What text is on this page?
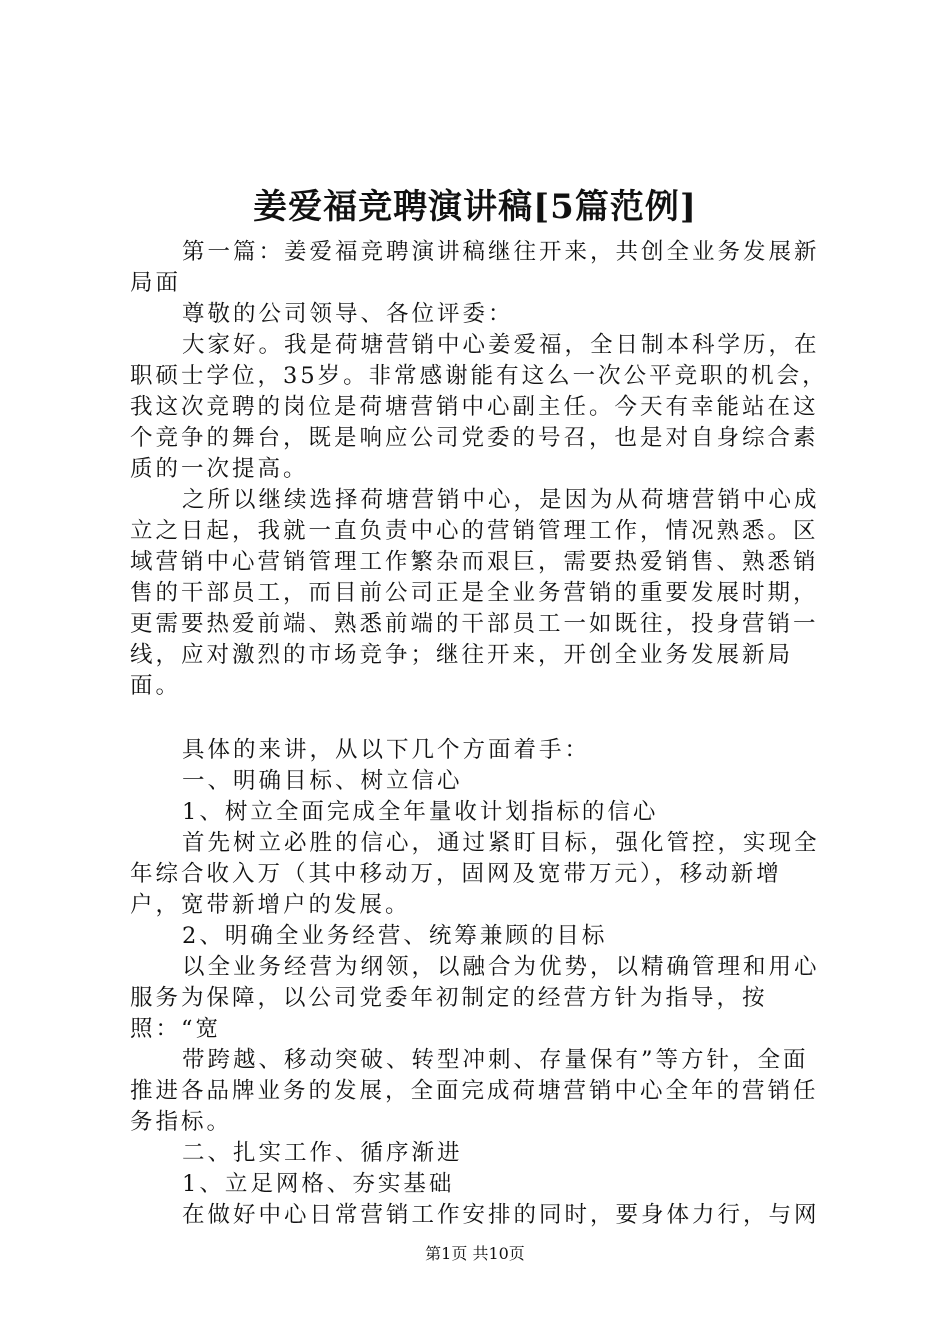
姜爱福竞聘演讲稿[5篇范例]

第一篇：姜爱福竞聘演讲稿继往开来，共创全业务发展新局面

尊敬的公司领导、各位评委：

大家好。我是荷塘营销中心姜爱福，全日制本科学历，在职硕士学位，35岁。非常感谢能有这么一次公平竞职的机会，我这次竞聘的岗位是荷塘营销中心副主任。今天有幸能站在这个竞争的舞台，既是响应公司党委的号召，也是对自身综合素质的一次提高。

之所以继续选择荷塘营销中心，是因为从荷塘营销中心成立之日起，我就一直负责中心的营销管理工作，情况熟悉。区域营销中心营销管理工作繁杂而艰巨，需要热爱销售、熟悉销售的干部员工，而目前公司正是全业务营销的重要发展时期，更需要热爱前端、熟悉前端的干部员工一如既往，投身营销一线，应对激烈的市场竞争；继往开来，开创全业务发展新局面。

具体的来讲，从以下几个方面着手：

一、明确目标、树立信心

1、树立全面完成全年量收计划指标的信心

首先树立必胜的信心，通过紧盯目标，强化管控，实现全年综合收入万（其中移动万，固网及宽带万元），移动新增户，宽带新增户的发展。

2、明确全业务经营、统筹兼顾的目标

以全业务经营为纲领，以融合为优势，以精确管理和用心服务为保障，以公司党委年初制定的经营方针为指导，按照：“宽

带跨越、移动突破、转型冲刺、存量保有”等方针，全面推进各品牌业务的发展，全面完成荷塘营销中心全年的营销任务指标。

二、扎实工作、循序渐进

1、立足网格、夯实基础

在做好中心日常营销工作安排的同时，要身体力行，与网

第1页 共10页
